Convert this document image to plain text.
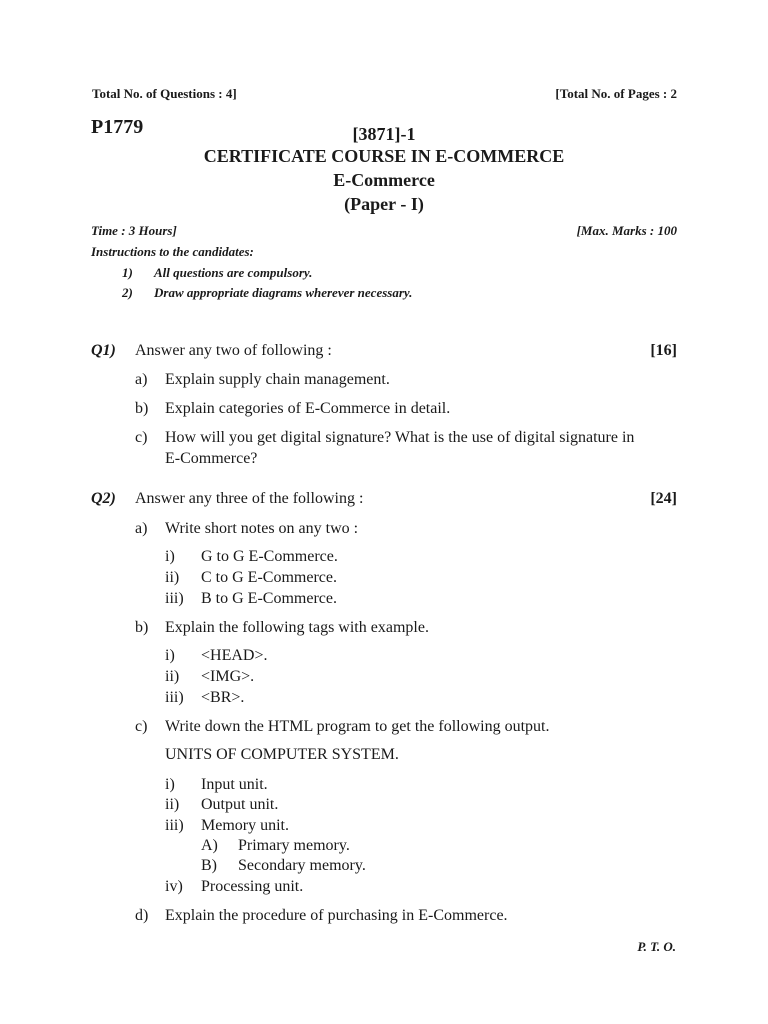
Total No. of Questions : 4]	[Total No. of Pages : 2
P1779	[3871]-1
CERTIFICATE COURSE IN E-COMMERCE
E-Commerce
(Paper - I)
Time : 3 Hours]	[Max. Marks : 100
Instructions to the candidates:
1) All questions are compulsory.
2) Draw appropriate diagrams wherever necessary.
Q1) Answer any two of following :	[16]
a) Explain supply chain management.
b) Explain categories of E-Commerce in detail.
c) How will you get digital signature? What is the use of digital signature in
E-Commerce?
Q2) Answer any three of the following :	[24]
a) Write short notes on any two :
i) G to G E-Commerce.
ii) C to G E-Commerce.
iii) B to G E-Commerce.
b) Explain the following tags with example.
i) <HEAD>.
ii) <IMG>.
iii) <BR>.
c) Write down the HTML program to get the following output.
UNITS OF COMPUTER SYSTEM.
i) Input unit.
ii) Output unit.
iii) Memory unit.
A) Primary memory.
B) Secondary memory.
iv) Processing unit.
d) Explain the procedure of purchasing in E-Commerce.
P. T. O.
